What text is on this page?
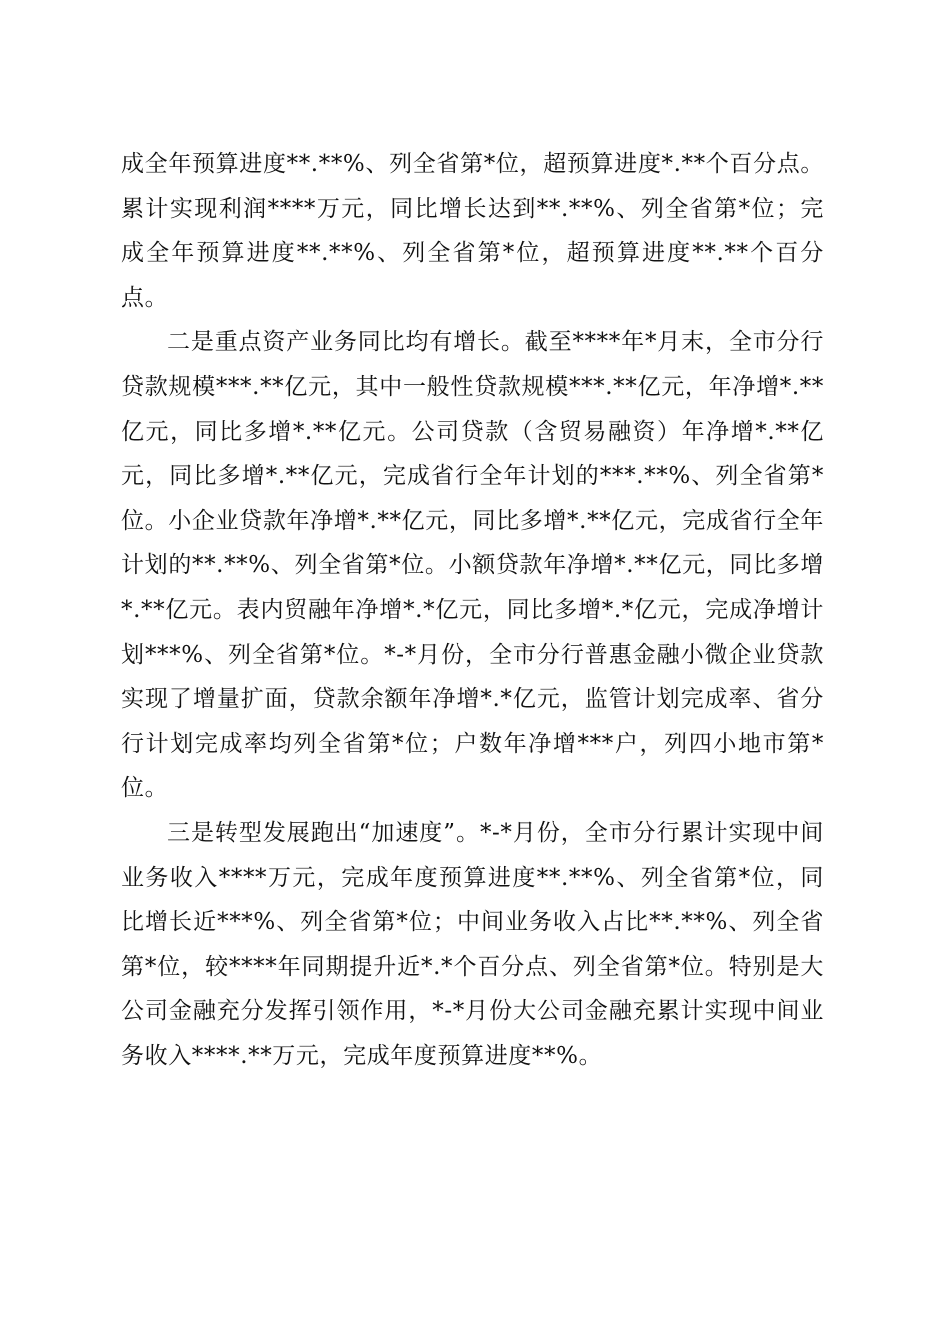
成全年预算进度**.**%、列全省第*位，超预算进度*.**个百分点。累计实现利润****万元，同比增长达到**.**%、列全省第*位；完成全年预算进度**.**%、列全省第*位，超预算进度**.**个百分点。

二是重点资产业务同比均有增长。截至****年*月末，全市分行贷款规模***.**亿元，其中一般性贷款规模***.**亿元，年净增*.**亿元，同比多增*.**亿元。公司贷款（含贸易融资）年净增*.**亿元，同比多增*.**亿元，完成省行全年计划的***.**%、列全省第*位。小企业贷款年净增*.**亿元，同比多增*.**亿元，完成省行全年计划的**.**%、列全省第*位。小额贷款年净增*.**亿元，同比多增*.**亿元。表内贸融年净增*.*亿元，同比多增*.*亿元，完成净增计划***%、列全省第*位。*-*月份，全市分行普惠金融小微企业贷款实现了增量扩面，贷款余额年净增*.*亿元，监管计划完成率、省分行计划完成率均列全省第*位；户数年净增***户，列四小地市第*位。

三是转型发展跑出“加速度”。*-*月份，全市分行累计实现中间业务收入****万元，完成年度预算进度**.**%、列全省第*位，同比增长近***%、列全省第*位；中间业务收入占比**.**%、列全省第*位，较****年同期提升近*.*个百分点、列全省第*位。特别是大公司金融充分发挥引领作用，*-*月份大公司金融充累计实现中间业务收入****.**万元，完成年度预算进度**%。
